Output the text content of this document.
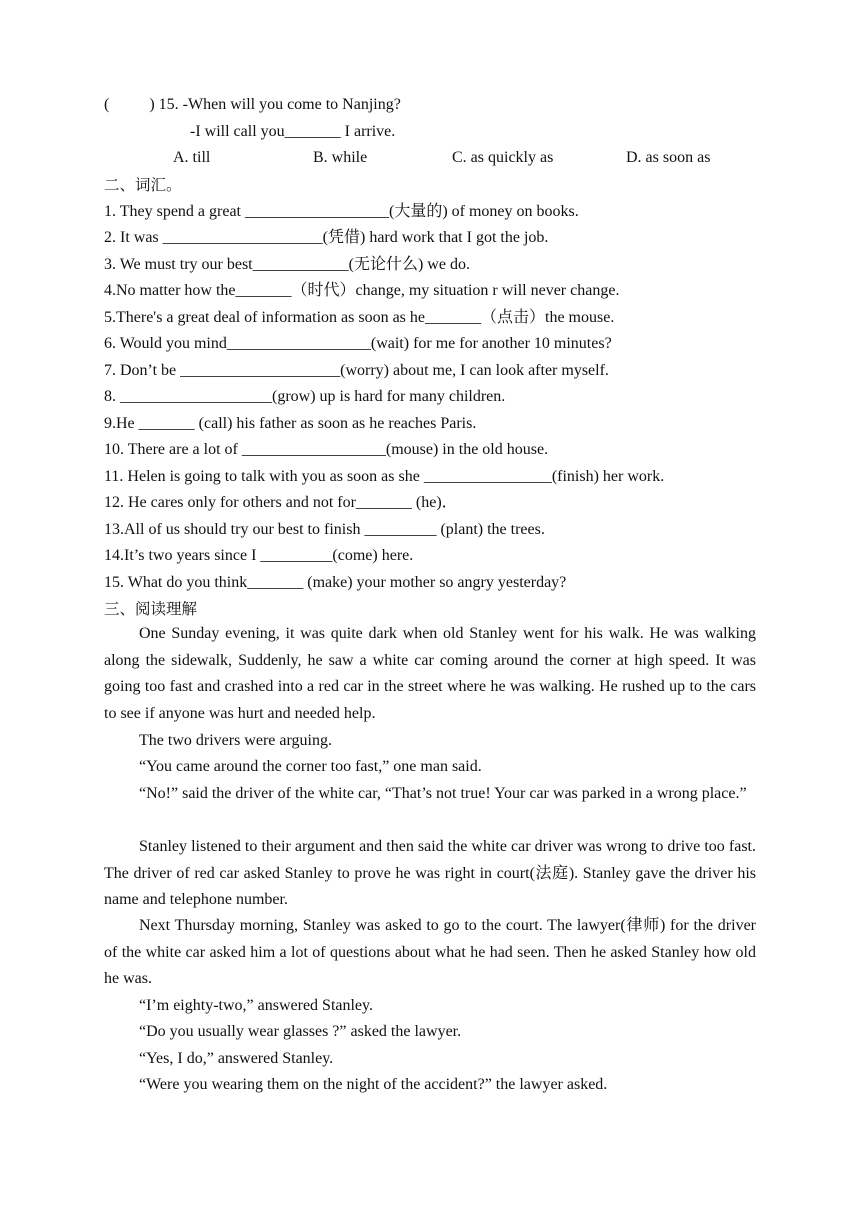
(          ) 15. -When will you come to Nanjing?
-I will call you_______ I arrive.
A. till	B. while	C. as quickly as	D. as soon as
二、词汇。
1. They spend a great __________________(大量的) of money on books.
2. It was ____________________(凭借) hard work that I got the job.
3. We must try our best____________(无论什么) we do.
4.No matter how the_______（时代）change, my situation r will never change.
5.There's a great deal of information as soon as he_______（点击）the mouse.
6. Would you mind__________________(wait) for me for another 10 minutes?
7. Don’t be ____________________(worry) about me, I can look after myself.
8. ___________________(grow) up is hard for many children.
9.He _______ (call) his father as soon as he reaches Paris.
10. There are a lot of __________________(mouse) in the old house.
11. Helen is going to talk with you as soon as she ________________(finish) her work.
12. He cares only for others and not for_______ (he)．
13.All of us should try our best to finish _________ (plant) the trees.
14.It’s two years since I _________(come) here.
15. What do you think_______ (make) your mother so angry yesterday?
三、阅读理解
One Sunday evening, it was quite dark when old Stanley went for his walk. He was walking along the sidewalk, Suddenly, he saw a white car coming around the corner at high speed. It was going too fast and crashed into a red car in the street where he was walking. He rushed up to the cars to see if anyone was hurt and needed help.
The two drivers were arguing.
“You came around the corner too fast,” one man said.
“No!” said the driver of the white car, “That’s not true! Your car was parked in a wrong place.”
Stanley listened to their argument and then said the white car driver was wrong to drive too fast. The driver of red car asked Stanley to prove he was right in court(法庭). Stanley gave the driver his name and telephone number.
Next Thursday morning, Stanley was asked to go to the court. The lawyer(律师) for the driver of the white car asked him a lot of questions about what he had seen. Then he asked Stanley how old he was.
“I’m eighty-two,” answered Stanley.
“Do you usually wear glasses ?” asked the lawyer.
“Yes, I do,” answered Stanley.
“Were you wearing them on the night of the accident?” the lawyer asked.
